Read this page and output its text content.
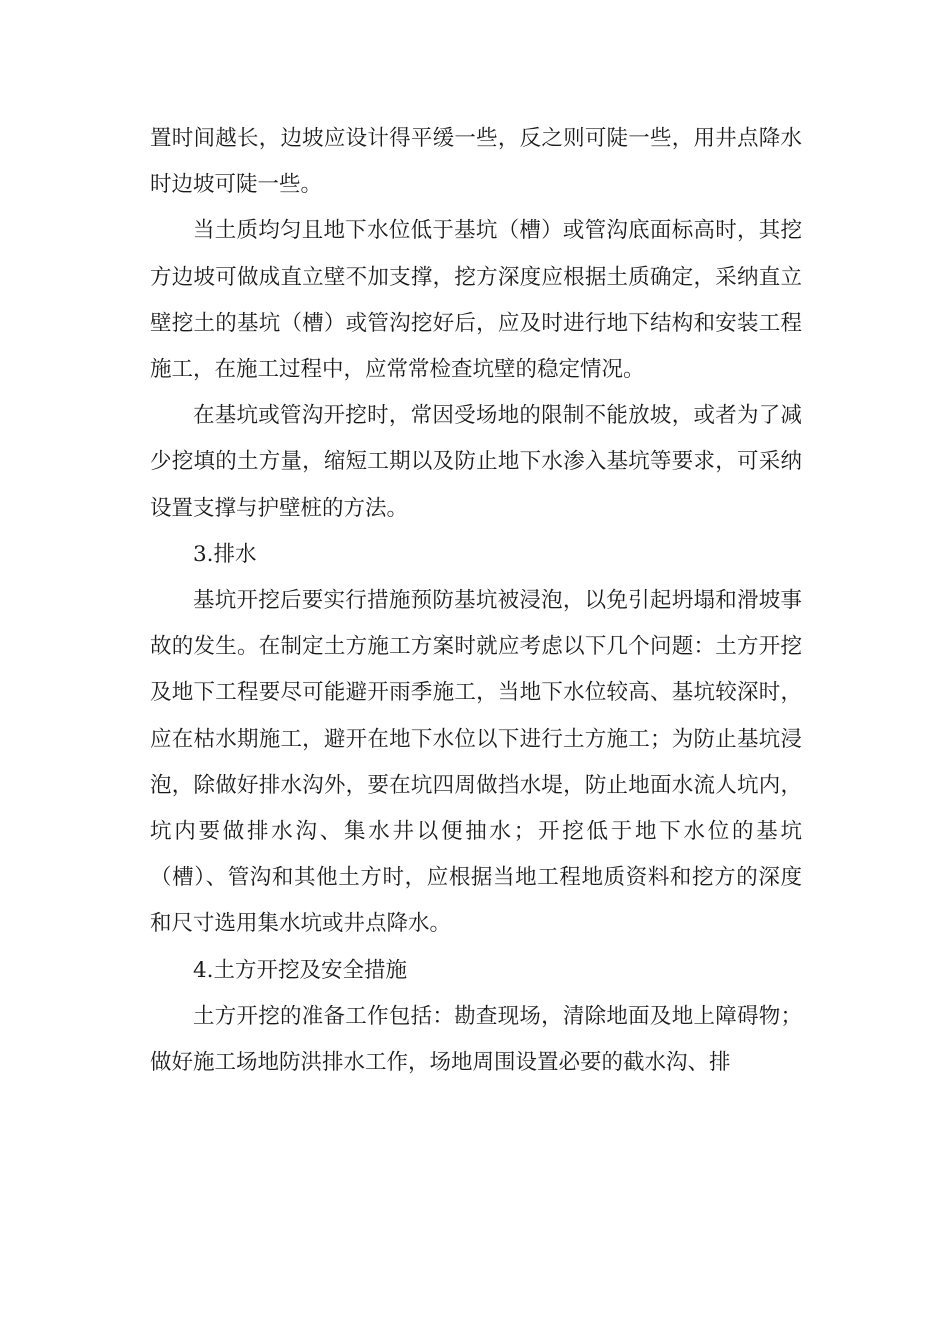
置时间越长，边坡应设计得平缓一些，反之则可陡一些，用井点降水时边坡可陡一些。

当土质均匀且地下水位低于基坑（槽）或管沟底面标高时，其挖方边坡可做成直立壁不加支撑，挖方深度应根据土质确定，采纳直立壁挖土的基坑（槽）或管沟挖好后，应及时进行地下结构和安装工程施工，在施工过程中，应常常检查坑壁的稳定情况。

在基坑或管沟开挖时，常因受场地的限制不能放坡，或者为了减少挖填的土方量，缩短工期以及防止地下水渗入基坑等要求，可采纳设置支撑与护壁桩的方法。

3.排水

基坑开挖后要实行措施预防基坑被浸泡，以免引起坍塌和滑坡事故的发生。在制定土方施工方案时就应考虑以下几个问题：土方开挖及地下工程要尽可能避开雨季施工，当地下水位较高、基坑较深时，应在枯水期施工，避开在地下水位以下进行土方施工；为防止基坑浸泡，除做好排水沟外，要在坑四周做挡水堤，防止地面水流人坑内，坑内要做排水沟、集水井以便抽水；开挖低于地下水位的基坑（槽）、管沟和其他土方时，应根据当地工程地质资料和挖方的深度和尺寸选用集水坑或井点降水。

4.土方开挖及安全措施

土方开挖的准备工作包括：勘查现场，清除地面及地上障碍物；做好施工场地防洪排水工作，场地周围设置必要的截水沟、排
